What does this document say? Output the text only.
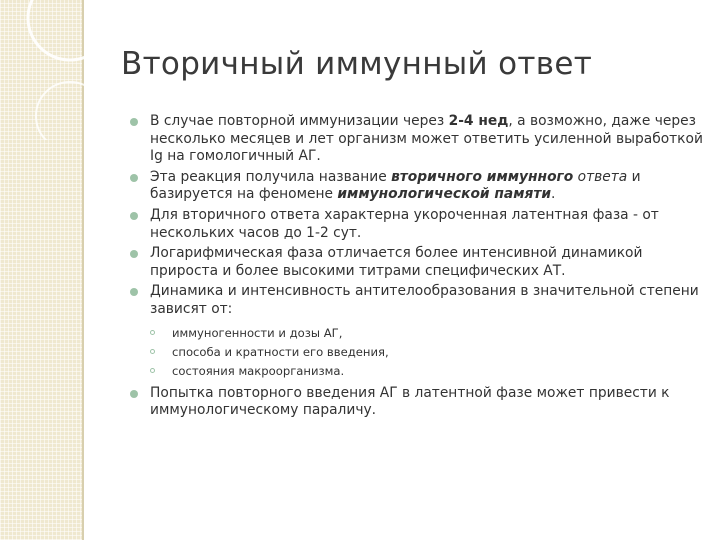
Вторичный иммунный ответ
В случае повторной иммунизации через 2-4 нед, а возможно, даже через несколько месяцев и лет организм может ответить усиленной выработкой Ig на гомологичный АГ.
Эта реакция получила название вторичного иммунного ответа и базируется на феномене иммунологической памяти.
Для вторичного ответа характерна укороченная латентная фаза - от нескольких часов до 1-2 сут.
Логарифмическая фаза отличается более интенсивной динамикой прироста и более высокими титрами специфических АТ.
Динамика и интенсивность антителообразования в значительной степени зависят от:
иммуногенности и дозы АГ,
способа и кратности его введения,
состояния макроорганизма.
Попытка повторного введения АГ в латентной фазе может привести к иммунологическому параличу.
